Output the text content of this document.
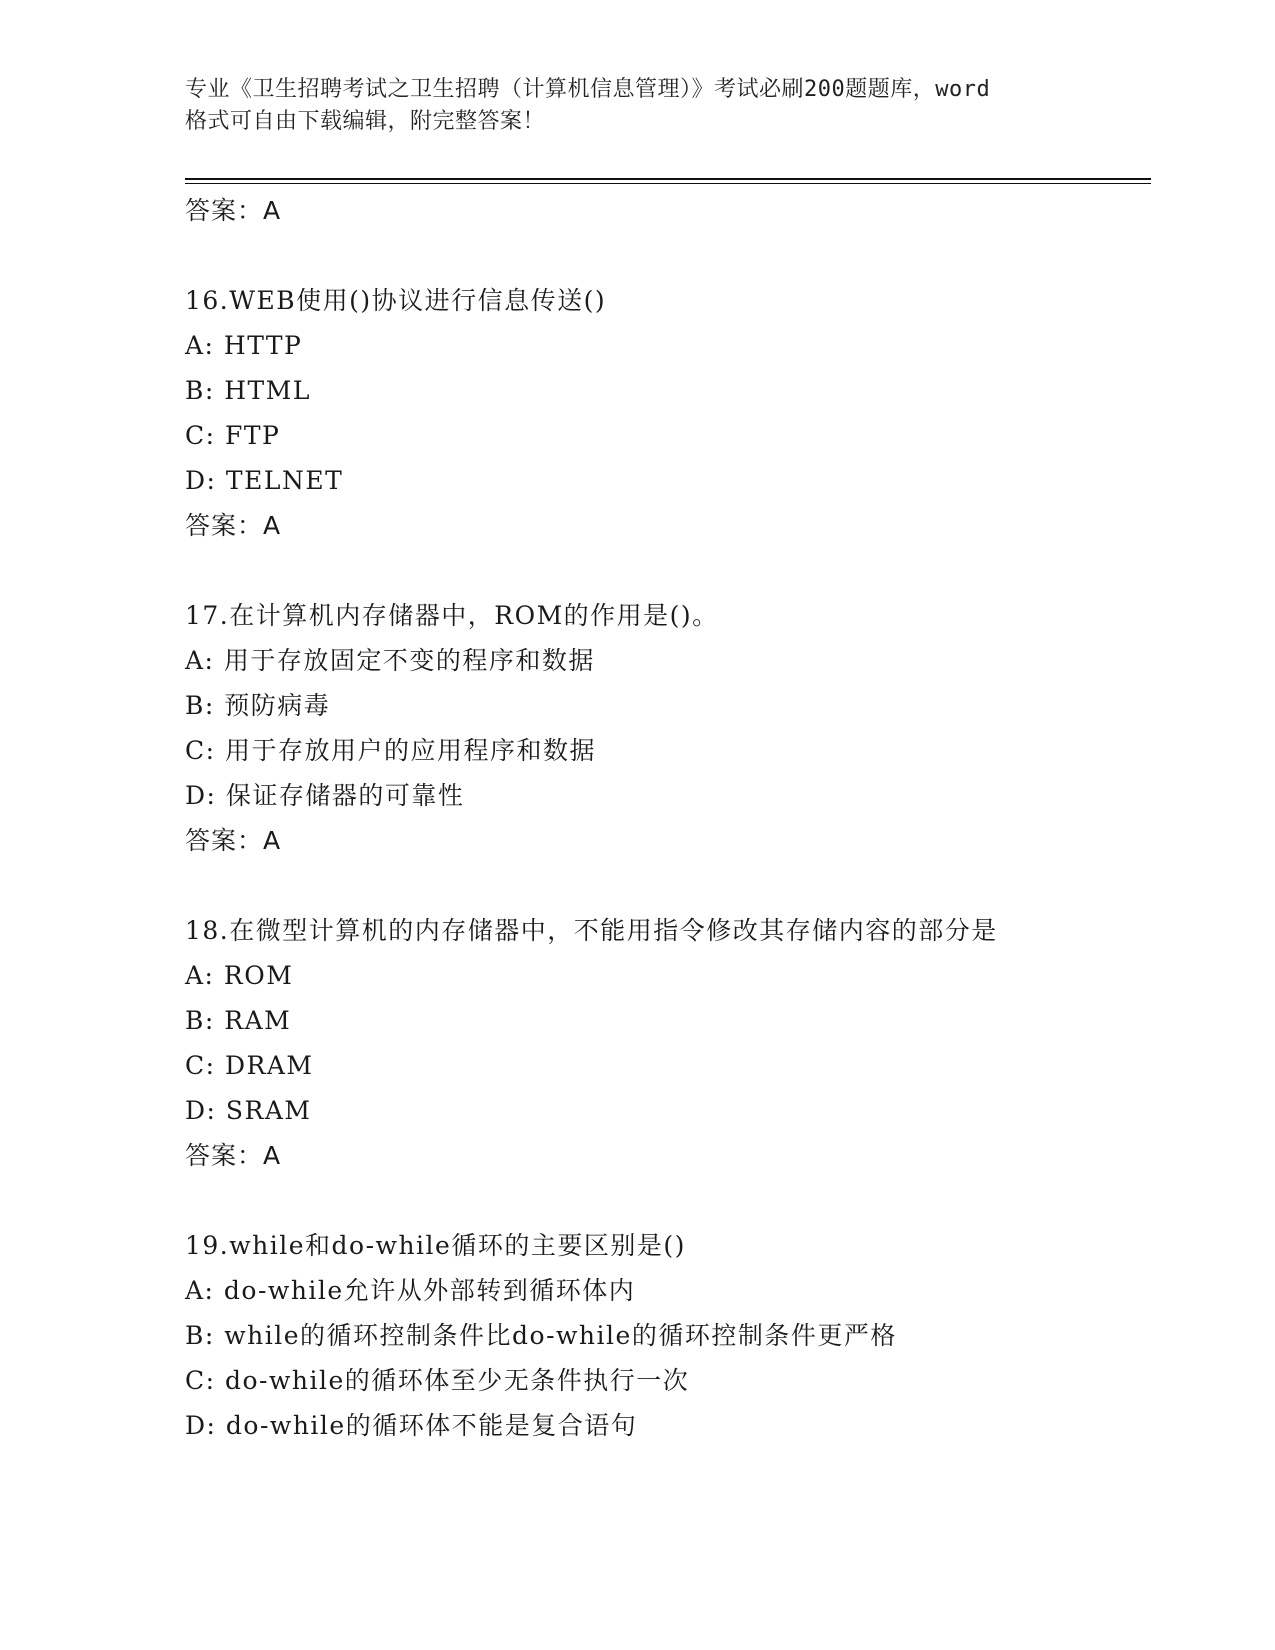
专业《卫生招聘考试之卫生招聘（计算机信息管理）》考试必刷200题题库，word
格式可自由下载编辑，附完整答案！
答案：A
16.WEB使用()协议进行信息传送()
A: HTTP
B: HTML
C: FTP
D: TELNET
答案：A
17.在计算机内存储器中，ROM的作用是()。
A: 用于存放固定不变的程序和数据
B: 预防病毒
C: 用于存放用户的应用程序和数据
D: 保证存储器的可靠性
答案：A
18.在微型计算机的内存储器中，不能用指令修改其存储内容的部分是
A: ROM
B: RAM
C: DRAM
D: SRAM
答案：A
19.while和do-while循环的主要区别是()
A: do-while允许从外部转到循环体内
B: while的循环控制条件比do-while的循环控制条件更严格
C: do-while的循环体至少无条件执行一次
D: do-while的循环体不能是复合语句
